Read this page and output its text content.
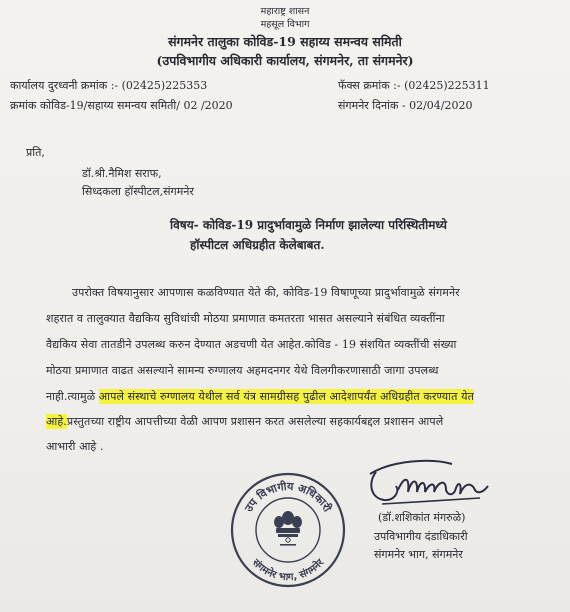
महाराष्ट्र शासन
महसूल विभाग
संगमनेर तालुका कोविड-19 सहाय्य समन्वय समिती
(उपविभागीय अधिकारी कार्यालय, संगमनेर, ता संगमनेर)
कार्यालय दुरध्वनी क्रमांक :- (02425)225353	फॅक्स क्रमांक :- (02425)225311
क्रमांक कोविड-19/सहाय्य समन्वय समिती/ 02 /2020	संगमनेर दिनांक - 02/04/2020
प्रति,
डॉ.श्री.नैमिश सराफ,
सिध्दकला हॉस्पीटल,संगमनेर
विषय- कोविड-19 प्रादुर्भावामुळे निर्माण झालेल्या परिस्थितीमध्ये
हॉस्पीटल अधिग्रहीत केलेबाबत.
उपरोक्त विषयानुसार आपणास कळविण्यात येते की, कोविड-19 विषाणूच्या प्रादुर्भावामुळे संगमनेर
शहरात व तालुक्यात वैद्यकिय सुविधांची मोठया प्रमाणात कमतरता भासत असल्याने संबंधित व्यक्तींना
वैद्यकिय सेवा तातडीने उपलब्ध करुन देण्यात अडचणी येत आहेत.कोविड - 19 संशयित व्यक्तींची संख्या
मोठया प्रमाणात वाढत असल्याने सामन्य रुग्णालय अहमदनगर येथे विलगीकरणासाठी जागा उपलब्ध
नाही.त्यामुळे आपले संस्थाचे रुग्णालय येथील सर्व यंत्र सामग्रीसह पुढील आदेशापर्यंत अधिग्रहीत करण्यात येत
आहे.प्रस्तुतच्या राष्ट्रीय आपत्तीच्या वेळी आपण प्रशासन करत असलेल्या सहकार्यबद्दल प्रशासन आपले
आभारी आहे .
(डॉ.शशिकांत मंगरुळे)
उपविभागीय दंडाधिकारी
संगमनेर भाग, संगमनेर
उप विभागीय अधिकारी
संगमनेर भाग, संगमनेर
